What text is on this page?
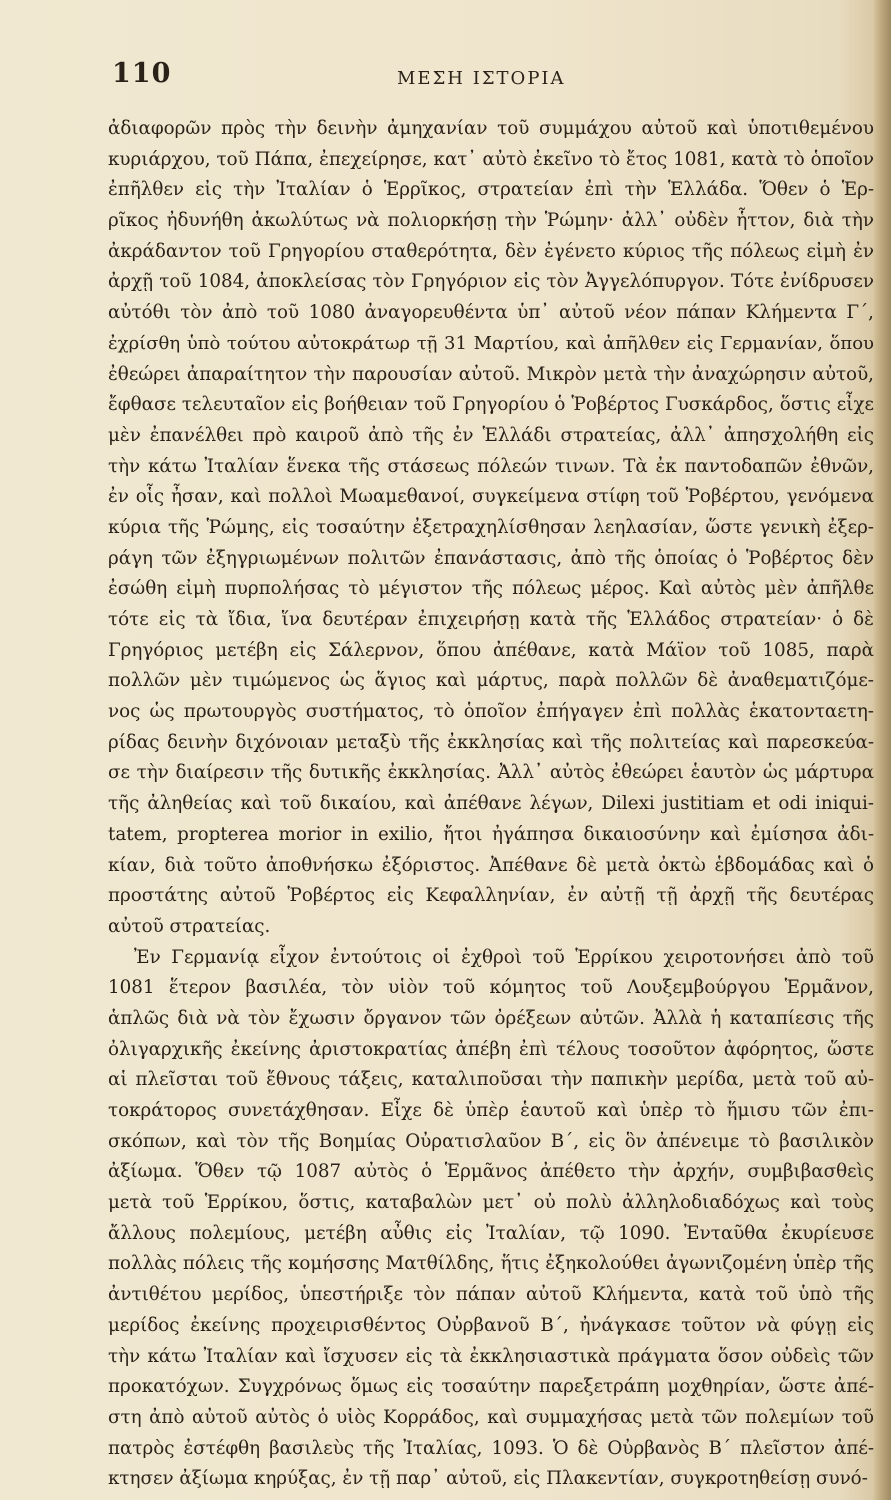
110	ΜΕΣΗ ΙΣΤΟΡΙΑ
ἀδιαφορῶν πρὸς τὴν δεινὴν ἀμηχανίαν τοῦ συμμάχου αὐτοῦ καὶ ὑποτιθεμένου
κυριάρχου, τοῦ Πάπα, ἐπεχείρησε, κατ᾽ αὐτὸ ἐκεῖνο τὸ ἔτος 1081, κατὰ τὸ ὁποῖον
ἐπῆλθεν εἰς τὴν Ἰταλίαν ὁ Ἑρρῖκος, στρατείαν ἐπὶ τὴν Ἑλλάδα. Ὅθεν ὁ Ἑρ-
ρῖκος ἠδυνήθη ἀκωλύτως νὰ πολιορκήσῃ τὴν Ῥώμην· ἀλλ᾽ οὐδὲν ἧττον, διὰ τὴν
ἀκράδαντον τοῦ Γρηγορίου σταθερότητα, δὲν ἐγένετο κύριος τῆς πόλεως εἰμὴ ἐν
ἀρχῇ τοῦ 1084, ἀποκλείσας τὸν Γρηγόριον εἰς τὸν Ἀγγελόπυργον. Τότε ἐνίδρυσεν
αὐτόθι τὸν ἀπὸ τοῦ 1080 ἀναγορευθέντα ὑπ᾽ αὐτοῦ νέον πάπαν Κλήμεντα Γ΄,
ἐχρίσθη ὑπὸ τούτου αὐτοκράτωρ τῇ 31 Μαρτίου, καὶ ἀπῆλθεν εἰς Γερμανίαν, ὅπου
ἐθεώρει ἀπαραίτητον τὴν παρουσίαν αὐτοῦ. Μικρὸν μετὰ τὴν ἀναχώρησιν αὐτοῦ,
ἔφθασε τελευταῖον εἰς βοήθειαν τοῦ Γρηγορίου ὁ Ῥοβέρτος Γυσκάρδος, ὅστις εἶχε
μὲν ἐπανέλθει πρὸ καιροῦ ἀπὸ τῆς ἐν Ἑλλάδι στρατείας, ἀλλ᾽ ἀπησχολήθη εἰς
τὴν κάτω Ἰταλίαν ἕνεκα τῆς στάσεως πόλεών τινων. Τὰ ἐκ παντοδαπῶν ἐθνῶν,
ἐν οἷς ἦσαν, καὶ πολλοὶ Μωαμεθανοί, συγκείμενα στίφη τοῦ Ῥοβέρτου, γενόμενα
κύρια τῆς Ῥώμης, εἰς τοσαύτην ἐξετραχηλίσθησαν λεηλασίαν, ὥστε γενικὴ ἐξερ-
ράγη τῶν ἐξηγριωμένων πολιτῶν ἐπανάστασις, ἀπὸ τῆς ὁποίας ὁ Ῥοβέρτος δὲν
ἐσώθη εἰμὴ πυρπολήσας τὸ μέγιστον τῆς πόλεως μέρος. Καὶ αὐτὸς μὲν ἀπῆλθε
τότε εἰς τὰ ἴδια, ἵνα δευτέραν ἐπιχειρήσῃ κατὰ τῆς Ἑλλάδος στρατείαν· ὁ δὲ
Γρηγόριος μετέβη εἰς Σάλερνον, ὅπου ἀπέθανε, κατὰ Μάϊον τοῦ 1085, παρὰ
πολλῶν μὲν τιμώμενος ὡς ἅγιος καὶ μάρτυς, παρὰ πολλῶν δὲ ἀναθεματιζόμε-
νος ὡς πρωτουργὸς συστήματος, τὸ ὁποῖον ἐπήγαγεν ἐπὶ πολλὰς ἑκατονταετη-
ρίδας δεινὴν διχόνοιαν μεταξὺ τῆς ἐκκλησίας καὶ τῆς πολιτείας καὶ παρεσκεύα-
σε τὴν διαίρεσιν τῆς δυτικῆς ἐκκλησίας. Ἀλλ᾽ αὐτὸς ἐθεώρει ἑαυτὸν ὡς μάρτυρα
τῆς ἀληθείας καὶ τοῦ δικαίου, καὶ ἀπέθανε λέγων, Dilexi justitiam et odi iniqui-
tatem, propterea morior in exilio, ἤτοι ἠγάπησα δικαιοσύνην καὶ ἐμίσησα ἀδι-
κίαν, διὰ τοῦτο ἀποθνήσκω ἐξόριστος. Ἀπέθανε δὲ μετὰ ὀκτὼ ἑβδομάδας καὶ ὁ
προστάτης αὐτοῦ Ῥοβέρτος εἰς Κεφαλληνίαν, ἐν αὐτῇ τῇ ἀρχῇ τῆς δευτέρας
αὐτοῦ στρατείας.
Ἐν Γερμανίᾳ εἶχον ἐντούτοις οἱ ἐχθροὶ τοῦ Ἑρρίκου χειροτονήσει ἀπὸ τοῦ
1081 ἕτερον βασιλέα, τὸν υἱὸν τοῦ κόμητος τοῦ Λουξεμβούργου Ἑρμᾶνον,
ἁπλῶς διὰ νὰ τὸν ἔχωσιν ὄργανον τῶν ὀρέξεων αὐτῶν. Ἀλλὰ ἡ καταπίεσις τῆς
ὀλιγαρχικῆς ἐκείνης ἀριστοκρατίας ἀπέβη ἐπὶ τέλους τοσοῦτον ἀφόρητος, ὥστε
αἱ πλεῖσται τοῦ ἔθνους τάξεις, καταλιποῦσαι τὴν παπικὴν μερίδα, μετὰ τοῦ αὐ-
τοκράτορος συνετάχθησαν. Εἶχε δὲ ὑπὲρ ἑαυτοῦ καὶ ὑπὲρ τὸ ἥμισυ τῶν ἐπι-
σκόπων, καὶ τὸν τῆς Βοημίας Οὐρατισλαῦον Β΄, εἰς ὃν ἀπένειμε τὸ βασιλικὸν
ἀξίωμα. Ὅθεν τῷ 1087 αὐτὸς ὁ Ἑρμᾶνος ἀπέθετο τὴν ἀρχήν, συμβιβασθεὶς
μετὰ τοῦ Ἑρρίκου, ὅστις, καταβαλὼν μετ᾽ οὐ πολὺ ἀλληλοδιαδόχως καὶ τοὺς
ἄλλους πολεμίους, μετέβη αὖθις εἰς Ἰταλίαν, τῷ 1090. Ἐνταῦθα ἐκυρίευσε
πολλὰς πόλεις τῆς κομήσσης Ματθίλδης, ἥτις ἐξηκολούθει ἀγωνιζομένη ὑπὲρ τῆς
ἀντιθέτου μερίδος, ὑπεστήριξε τὸν πάπαν αὐτοῦ Κλήμεντα, κατὰ τοῦ ὑπὸ τῆς
μερίδος ἐκείνης προχειρισθέντος Οὐρβανοῦ Β΄, ἠνάγκασε τοῦτον νὰ φύγῃ εἰς
τὴν κάτω Ἰταλίαν καὶ ἴσχυσεν εἰς τὰ ἐκκλησιαστικὰ πράγματα ὅσον οὐδεὶς τῶν
προκατόχων. Συγχρόνως ὅμως εἰς τοσαύτην παρεξετράπη μοχθηρίαν, ὥστε ἀπέ-
στη ἀπὸ αὐτοῦ αὐτὸς ὁ υἱὸς Κορράδος, καὶ συμμαχήσας μετὰ τῶν πολεμίων τοῦ
πατρὸς ἐστέφθη βασιλεὺς τῆς Ἰταλίας, 1093. Ὁ δὲ Οὐρβανὸς Β΄ πλεῖστον ἀπέ-
κτησεν ἀξίωμα κηρύξας, ἐν τῇ παρ᾽ αὐτοῦ, εἰς Πλακεντίαν, συγκροτηθείσῃ συνό-
